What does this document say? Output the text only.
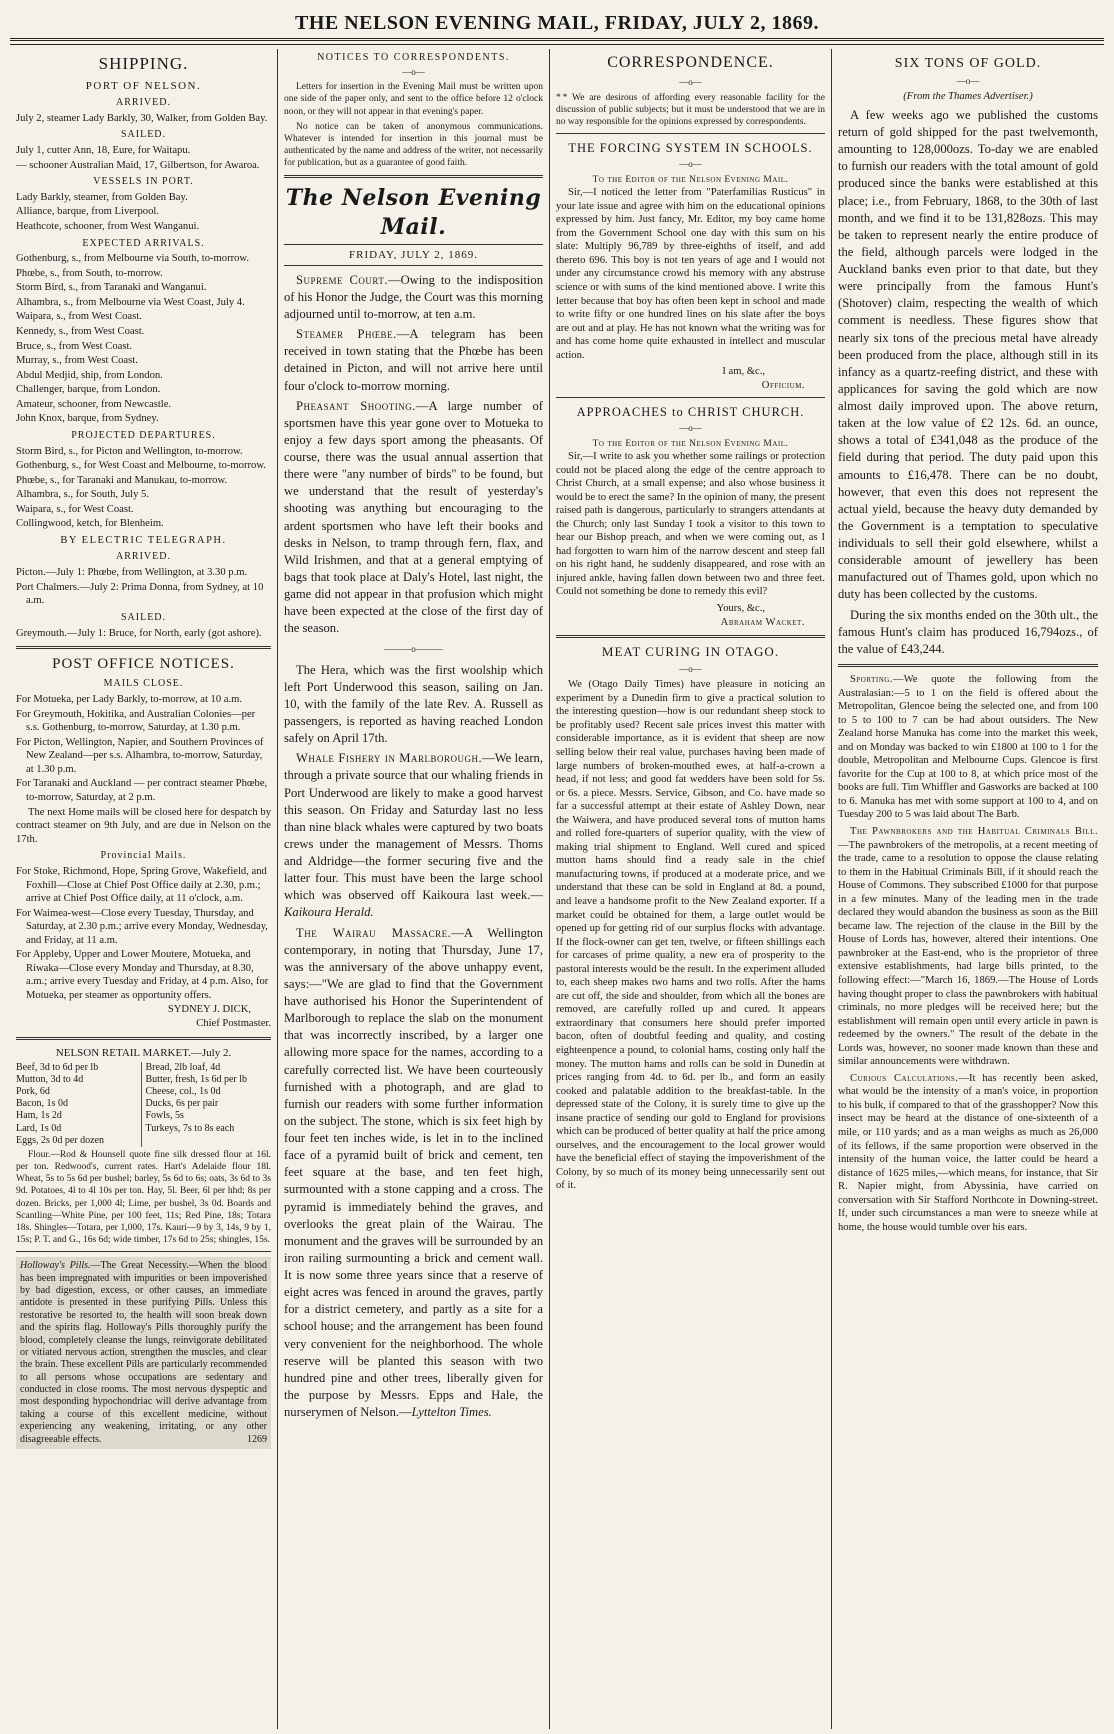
THE NELSON EVENING MAIL, FRIDAY, JULY 2, 1869.
SHIPPING.
PORT OF NELSON.
ARRIVED.

July 2, steamer Lady Barkly, 30, Walker, from Golden Bay.

SAILED.

July 1, cutter Ann, 18, Eure, for Waitapu.

— schooner Australian Maid, 17, Gilbertson, for Awaroa.

VESSELS IN PORT.

Lady Barkly, steamer, from Golden Bay.

Alliance, barque, from Liverpool.

Heathcote, schooner, from West Wanganui.

EXPECTED ARRIVALS.

Gothenburg, s., from Melbourne via South, to-morrow.

Phœbe, s., from South, to-morrow.

Storm Bird, s., from Taranaki and Wanganui.

Alhambra, s., from Melbourne via West Coast, July 4.

Waipara, s., from West Coast.

Kennedy, s., from West Coast.

Bruce, s., from West Coast.

Murray, s., from West Coast.

Abdul Medjid, ship, from London.

Challenger, barque, from London.

Amateur, schooner, from Newcastle.

John Knox, barque, from Sydney.

PROJECTED DEPARTURES.

Storm Bird, s., for Picton and Wellington, to-morrow.

Gothenburg, s., for West Coast and Melbourne, to-morrow.

Phœbe, s., for Taranaki and Manukau, to-morrow.

Alhambra, s., for South, July 5.

Waipara, s., for West Coast.

Collingwood, ketch, for Blenheim.

BY ELECTRIC TELEGRAPH.
ARRIVED.

Picton.—July 1: Phœbe, from Wellington, at 3.30 p.m.

Port Chalmers.—July 2: Prima Donna, from Sydney, at 10 a.m.

SAILED.

Greymouth.—July 1: Bruce, for North, early (got ashore).

POST OFFICE NOTICES.
MAILS CLOSE.

For Motueka, per Lady Barkly, to-morrow, at 10 a.m.

For Greymouth, Hokitika, and Australian Colonies—per s.s. Gothenburg, to-morrow, Saturday, at 1.30 p.m.

For Picton, Wellington, Napier, and Southern Provinces of New Zealand—per s.s. Alhambra, to-morrow, Saturday, at 1.30 p.m.

For Taranaki and Auckland — per contract steamer Phœbe, to-morrow, Saturday, at 2 p.m.

The next Home mails will be closed here for despatch by contract steamer on 9th July, and are due in Nelson on the 17th.

Provincial Mails.

For Stoke, Richmond, Hope, Spring Grove, Wakefield, and Foxhill—Close at Chief Post Office daily at 2.30, p.m.; arrive at Chief Post Office daily, at 11 o'clock, a.m.

For Waimea-west—Close every Tuesday, Thursday, and Saturday, at 2.30 p.m.; arrive every Monday, Wednesday, and Friday, at 11 a.m.

For Appleby, Upper and Lower Moutere, Motueka, and Riwaka—Close every Monday and Thursday, at 8.30, a.m.; arrive every Tuesday and Friday, at 4 p.m. Also, for Motueka, per steamer as opportunity offers.

SYDNEY J. DICK,
Chief Postmaster.
NELSON RETAIL MARKET.—July 2.
Beef, 3d to 6d per lb	Bread, 2lb loaf, 4d
Mutton, 3d to 4d	Butter, fresh, 1s 6d per lb
Pork, 6d	Cheese, col., 1s 0d
Bacon, 1s 0d	Ducks, 6s per pair
Ham, 1s 2d	Fowls, 5s
Lard, 1s 0d	Turkeys, 7s to 8s each
Eggs, 2s 0d per dozen

Flour.—Rod & Hounsell quote fine silk dressed flour at 16l. per ton. Redwood's, current rates. Hart's Adelaide flour 18l. Wheat, 5s to 5s 6d per bushel; barley, 5s 6d to 6s; oats, 3s 6d to 3s 9d. Potatoes, 4l to 4l 10s per ton. Hay, 5l. Beer, 6l per hhd; 8s per dozen. Bricks, per 1,000 4l; Lime, per bushel, 3s 0d. Boards and Scantling—White Pine, per 100 feet, 11s; Red Pine, 18s; Totara 18s. Shingles—Totara, per 1,000, 17s. Kauri—9 by 3, 14s, 9 by 1, 15s; P. T. and G., 16s 6d; wide timber, 17s 6d to 25s; shingles, 15s.

Holloway's Pills.—The Great Necessity.—When the blood has been impregnated with impurities or been impoverished by bad digestion, excess, or other causes, an immediate antidote is presented in these purifying Pills. Unless this restorative be resorted to, the health will soon break down and the spirits flag. Holloway's Pills thoroughly purify the blood, completely cleanse the lungs, reinvigorate debilitated or vitiated nervous action, strengthen the muscles, and clear the brain. These excellent Pills are particularly recommended to all persons whose occupations are sedentary and conducted in close rooms. The most nervous dyspeptic and most desponding hypochondriac will derive advantage from taking a course of this excellent medicine, without experiencing any weakening, irritating, or any other disagreeable effects.	1269
NOTICES TO CORRESPONDENTS.
—o—

Letters for insertion in the Evening Mail must be written upon one side of the paper only, and sent to the office before 12 o'clock noon, or they will not appear in that evening's paper.

No notice can be taken of anonymous communications. Whatever is intended for insertion in this journal must be authenticated by the name and address of the writer, not necessarily for publication, but as a guarantee of good faith.

The Nelson Evening Mail.
FRIDAY, JULY 2, 1869.

Supreme Court.—Owing to the indisposition of his Honor the Judge, the Court was this morning adjourned until to-morrow, at ten a.m.

Steamer Phœbe.—A telegram has been received in town stating that the Phœbe has been detained in Picton, and will not arrive here until four o'clock to-morrow morning.

Pheasant Shooting.—A large number of sportsmen have this year gone over to Motueka to enjoy a few days sport among the pheasants. Of course, there was the usual annual assertion that there were "any number of birds" to be found, but we understand that the result of yesterday's shooting was anything but encouraging to the ardent sportsmen who have left their books and desks in Nelson, to tramp through fern, flax, and Wild Irishmen, and that at a general emptying of bags that took place at Daly's Hotel, last night, the game did not appear in that profusion which might have been expected at the close of the first day of the season.

———o———

The Hera, which was the first woolship which left Port Underwood this season, sailing on Jan. 10, with the family of the late Rev. A. Russell as passengers, is reported as having reached London safely on April 17th.

Whale Fishery in Marlborough.—We learn, through a private source that our whaling friends in Port Underwood are likely to make a good harvest this season. On Friday and Saturday last no less than nine black whales were captured by two boats crews under the management of Messrs. Thoms and Aldridge—the former securing five and the latter four. This must have been the large school which was observed off Kaikoura last week.—Kaikoura Herald.

The Wairau Massacre.—A Wellington contemporary, in noting that Thursday, June 17, was the anniversary of the above unhappy event, says:—"We are glad to find that the Government have authorised his Honor the Superintendent of Marlborough to replace the slab on the monument that was incorrectly inscribed, by a larger one allowing more space for the names, according to a carefully corrected list. We have been courteously furnished with a photograph, and are glad to furnish our readers with some further information on the subject. The stone, which is six feet high by four feet ten inches wide, is let in to the inclined face of a pyramid built of brick and cement, ten feet square at the base, and ten feet high, surmounted with a stone capping and a cross. The pyramid is immediately behind the graves, and overlooks the great plain of the Wairau. The monument and the graves will be surrounded by an iron railing surmounting a brick and cement wall. It is now some three years since that a reserve of eight acres was fenced in around the graves, partly for a district cemetery, and partly as a site for a school house; and the arrangement has been found very convenient for the neighborhood. The whole reserve will be planted this season with two hundred pine and other trees, liberally given for the purpose by Messrs. Epps and Hale, the nurserymen of Nelson.—Lyttelton Times.

CORRESPONDENCE.
—o—

* * We are desirous of affording every reasonable facility for the discussion of public subjects; but it must be understood that we are in no way responsible for the opinions expressed by correspondents.

THE FORCING SYSTEM IN SCHOOLS.
—o—
To the Editor of the Nelson Evening Mail.

Sir,—I noticed the letter from "Paterfamilias Rusticus" in your late issue and agree with him on the educational opinions expressed by him. Just fancy, Mr. Editor, my boy came home from the Government School one day with this sum on his slate: Multiply 96,789 by three-eighths of itself, and add thereto 696. This boy is not ten years of age and I would not under any circumstance crowd his memory with any abstruse science or with sums of the kind mentioned above. I write this letter because that boy has often been kept in school and made to write fifty or one hundred lines on his slate after the boys are out and at play. He has not known what the writing was for and has come home quite exhausted in intellect and muscular action.

I am, &c.,
Officium.
APPROACHES to CHRIST CHURCH.
—o—
To the Editor of the Nelson Evening Mail.

Sir,—I write to ask you whether some railings or protection could not be placed along the edge of the centre approach to Christ Church, at a small expense; and also whose business it would be to erect the same? In the opinion of many, the present raised path is dangerous, particularly to strangers attendants at the Church; only last Sunday I took a visitor to this town to hear our Bishop preach, and when we were coming out, as I had forgotten to warn him of the narrow descent and steep fall on his right hand, he suddenly disappeared, and rose with an injured ankle, having fallen down between two and three feet. Could not something be done to remedy this evil?

Yours, &c.,
Abraham Wacket.
MEAT CURING IN OTAGO.
—o—

We (Otago Daily Times) have pleasure in noticing an experiment by a Dunedin firm to give a practical solution to the interesting question—how is our redundant sheep stock to be profitably used? Recent sale prices invest this matter with considerable importance, as it is evident that sheep are now selling below their real value, purchases having been made of large numbers of broken-mouthed ewes, at half-a-crown a head, if not less; and good fat wedders have been sold for 5s. or 6s. a piece. Messrs. Service, Gibson, and Co. have made so far a successful attempt at their estate of Ashley Down, near the Waiwera, and have produced several tons of mutton hams and rolled fore-quarters of superior quality, with the view of making trial shipment to England. Well cured and spiced mutton hams should find a ready sale in the chief manufacturing towns, if produced at a moderate price, and we understand that these can be sold in England at 8d. a pound, and leave a handsome profit to the New Zealand exporter. If a market could be obtained for them, a large outlet would be opened up for getting rid of our surplus flocks with advantage. If the flock-owner can get ten, twelve, or fifteen shillings each for carcases of prime quality, a new era of prosperity to the pastoral interests would be the result. In the experiment alluded to, each sheep makes two hams and two rolls. After the hams are cut off, the side and shoulder, from which all the bones are removed, are carefully rolled up and cured. It appears extraordinary that consumers here should prefer imported bacon, often of doubtful feeding and quality, and costing eighteenpence a pound, to colonial hams, costing only half the money. The mutton hams and rolls can be sold in Dunedin at prices ranging from 4d. to 6d. per lb., and form an easily cooked and palatable addition to the breakfast-table. In the depressed state of the Colony, it is surely time to give up the insane practice of sending our gold to England for provisions which can be produced of better quality at half the price among ourselves, and the encouragement to the local grower would have the beneficial effect of staying the impoverishment of the Colony, by so much of its money being unnecessarily sent out of it.

SIX TONS OF GOLD.
—o—
(From the Thames Advertiser.)

A few weeks ago we published the customs return of gold shipped for the past twelvemonth, amounting to 128,000ozs. To-day we are enabled to furnish our readers with the total amount of gold produced since the banks were established at this place; i.e., from February, 1868, to the 30th of last month, and we find it to be 131,828ozs. This may be taken to represent nearly the entire produce of the field, although parcels were lodged in the Auckland banks even prior to that date, but they were principally from the famous Hunt's (Shotover) claim, respecting the wealth of which comment is needless. These figures show that nearly six tons of the precious metal have already been produced from the place, although still in its infancy as a quartz-reefing district, and these with applicances for saving the gold which are now almost daily improved upon. The above return, taken at the low value of £2 12s. 6d. an ounce, shows a total of £341,048 as the produce of the field during that period. The duty paid upon this amounts to £16,478. There can be no doubt, however, that even this does not represent the actual yield, because the heavy duty demanded by the Government is a temptation to speculative individuals to sell their gold elsewhere, whilst a considerable amount of jewellery has been manufactured out of Thames gold, upon which no duty has been collected by the customs.

During the six months ended on the 30th ult., the famous Hunt's claim has produced 16,794ozs., of the value of £43,244.

Sporting.—We quote the following from the Australasian:—5 to 1 on the field is offered about the Metropolitan, Glencoe being the selected one, and from 100 to 5 to 100 to 7 can be had about outsiders. The New Zealand horse Manuka has come into the market this week, and on Monday was backed to win £1800 at 100 to 1 for the double, Metropolitan and Melbourne Cups. Glencoe is first favorite for the Cup at 100 to 8, at which price most of the books are full. Tim Whiffler and Gasworks are backed at 100 to 6. Manuka has met with some support at 100 to 4, and on Tuesday 200 to 5 was laid about The Barb.

The Pawnbrokers and the Habitual Criminals Bill.—The pawnbrokers of the metropolis, at a recent meeting of the trade, came to a resolution to oppose the clause relating to them in the Habitual Criminals Bill, if it should reach the House of Commons. They subscribed £1000 for that purpose in a few minutes. Many of the leading men in the trade declared they would abandon the business as soon as the Bill became law. The rejection of the clause in the Bill by the House of Lords has, however, altered their intentions. One pawnbroker at the East-end, who is the proprietor of three extensive establishments, had large bills printed, to the following effect:—"March 16, 1869.—The House of Lords having thought proper to class the pawnbrokers with habitual criminals, no more pledges will be received here; but the establishment will remain open until every article in pawn is redeemed by the owners." The result of the debate in the Lords was, however, no sooner made known than these and similar announcements were withdrawn.

Curious Calculations.—It has recently been asked, what would be the intensity of a man's voice, in proportion to his bulk, if compared to that of the grasshopper? Now this insect may be heard at the distance of one-sixteenth of a mile, or 110 yards; and as a man weighs as much as 26,000 of its fellows, if the same proportion were observed in the intensity of the human voice, the latter could be heard a distance of 1625 miles,—which means, for instance, that Sir R. Napier might, from Abyssinia, have carried on conversation with Sir Stafford Northcote in Downing-street. If, under such circumstances a man were to sneeze while at home, the house would tumble over his ears.
